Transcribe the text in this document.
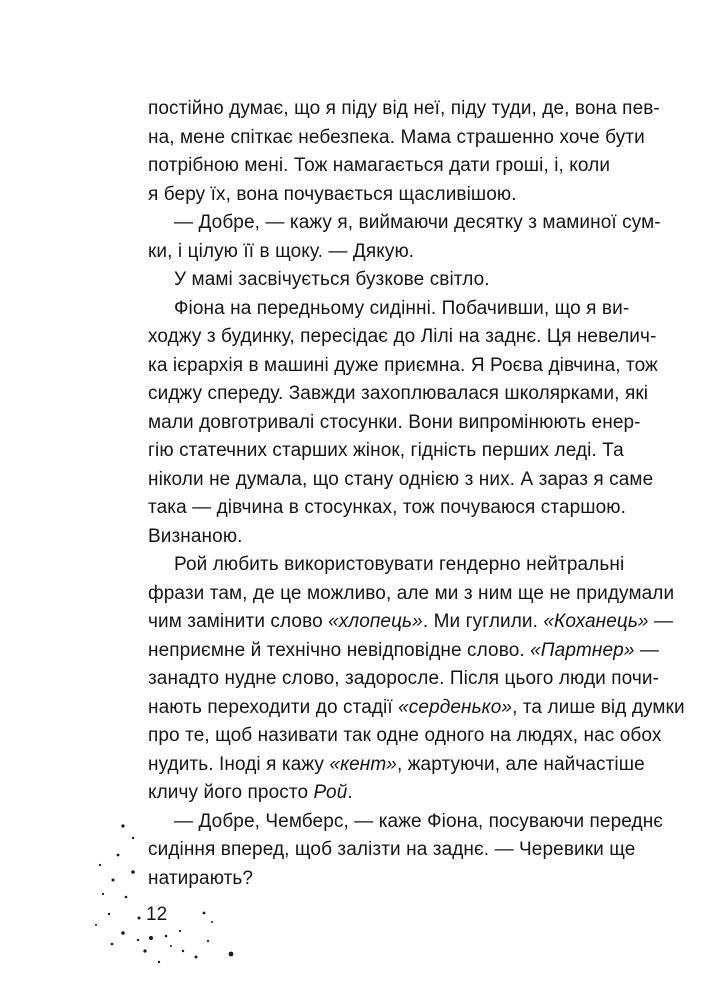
постійно думає, що я піду від неї, піду туди, де, вона пев-
на, мене спіткає небезпека. Мама страшенно хоче бути
потрібною мені. Тож намагається дати гроші, і, коли
я беру їх, вона почувається щасливішою.
— Добре, — кажу я, виймаючи десятку з маминої сум-
ки, і цілую її в щоку. — Дякую.
У мамі засвічується бузкове світло.
Фіона на передньому сидінні. Побачивши, що я ви-
ходжу з будинку, пересідає до Лілі на заднє. Ця невелич-
ка ієрархія в машині дуже приємна. Я Роєва дівчина, тож
сиджу спереду. Завжди захоплювалася школярками, які
мали довготривалі стосунки. Вони випромінюють енер-
гію статечних старших жінок, гідність перших леді. Та
ніколи не думала, що стану однією з них. А зараз я саме
така — дівчина в стосунках, тож почуваюся старшою.
Визнаною.
Рой любить використовувати гендерно нейтральні
фрази там, де це можливо, але ми з ним ще не придумали
чим замінити слово «хлопець». Ми гуглили. «Коханець» —
неприємне й технічно невідповідне слово. «Партнер» —
занадто нудне слово, задоросле. Після цього люди почи-
нають переходити до стадії «серденько», та лише від думки
про те, щоб називати так одне одного на людях, нас обох
нудить. Іноді я кажу «кент», жартуючи, але найчастіше
кличу його просто Рой.
— Добре, Чемберс, — каже Фіона, посуваючи переднє
сидіння вперед, щоб залізти на заднє. — Черевики ще
натирають?
12
